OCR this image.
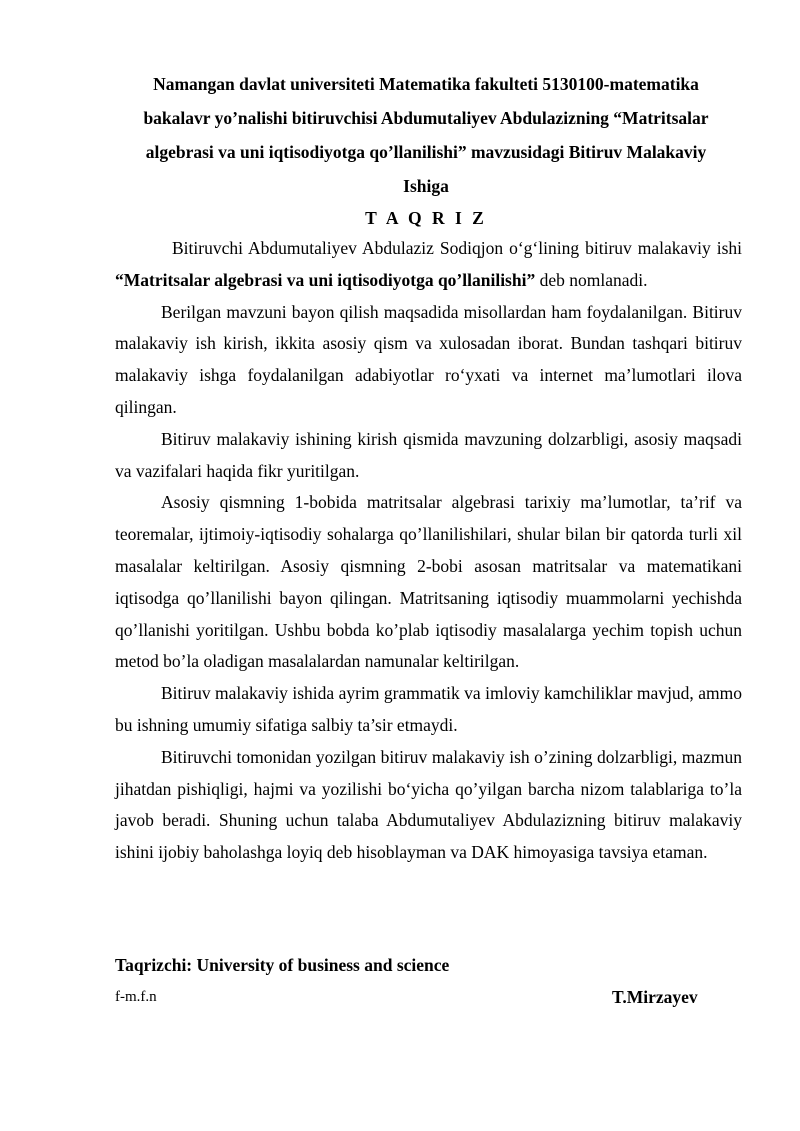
Namangan davlat universiteti Matematika fakulteti 5130100-matematika
bakalavr yo’nalishi bitiruvchisi Abdumutaliyev Abdulazizning “Matritsalar
algebrasi va uni iqtisodiyotga qo’llanilishi” mavzusidagi Bitiruv Malakaviy
Ishiga
T A Q R I Z

Bitiruvchi Abdumutaliyev Abdulaziz Sodiqjon o‘g‘lining bitiruv malakaviy ishi “Matritsalar algebrasi va uni iqtisodiyotga qo’llanilishi” deb nomlanadi.

Berilgan mavzuni bayon qilish maqsadida misollardan ham foydalanilgan. Bitiruv malakaviy ish kirish, ikkita asosiy qism va xulosadan iborat. Bundan tashqari bitiruv malakaviy ishga foydalanilgan adabiyotlar ro‘yxati va internet ma’lumotlari ilova qilingan.

Bitiruv malakaviy ishining kirish qismida mavzuning dolzarbligi, asosiy maqsadi va vazifalari haqida fikr yuritilgan.

Asosiy qismning 1-bobida matritsalar algebrasi tarixiy ma’lumotlar, ta’rif va teoremalar, ijtimoiy-iqtisodiy sohalarga qo’llanilishilari, shular bilan bir qatorda turli xil masalalar keltirilgan. Asosiy qismning 2-bobi asosan matritsalar va matematikani iqtisodga qo’llanilishi bayon qilingan. Matritsaning iqtisodiy muammolarni yechishda qo’llanishi yoritilgan. Ushbu bobda ko’plab iqtisodiy masalalarga yechim topish uchun metod bo’la oladigan masalalardan namunalar keltirilgan.

Bitiruv malakaviy ishida ayrim grammatik va imloviy kamchiliklar mavjud, ammo bu ishning umumiy sifatiga salbiy ta’sir etmaydi.

Bitiruvchi tomonidan yozilgan bitiruv malakaviy ish o’zining dolzarbligi, mazmun jihatdan pishiqligi, hajmi va yozilishi bo‘yicha qo’yilgan barcha nizom talablariga to’la javob beradi. Shuning uchun talaba Abdumutaliyev Abdulazizning bitiruv malakaviy ishini ijobiy baholashga loyiq deb hisoblayman va DAK himoyasiga tavsiya etaman.

Taqrizchi: University of business and science
f-m.f.n	T.Mirzayev
